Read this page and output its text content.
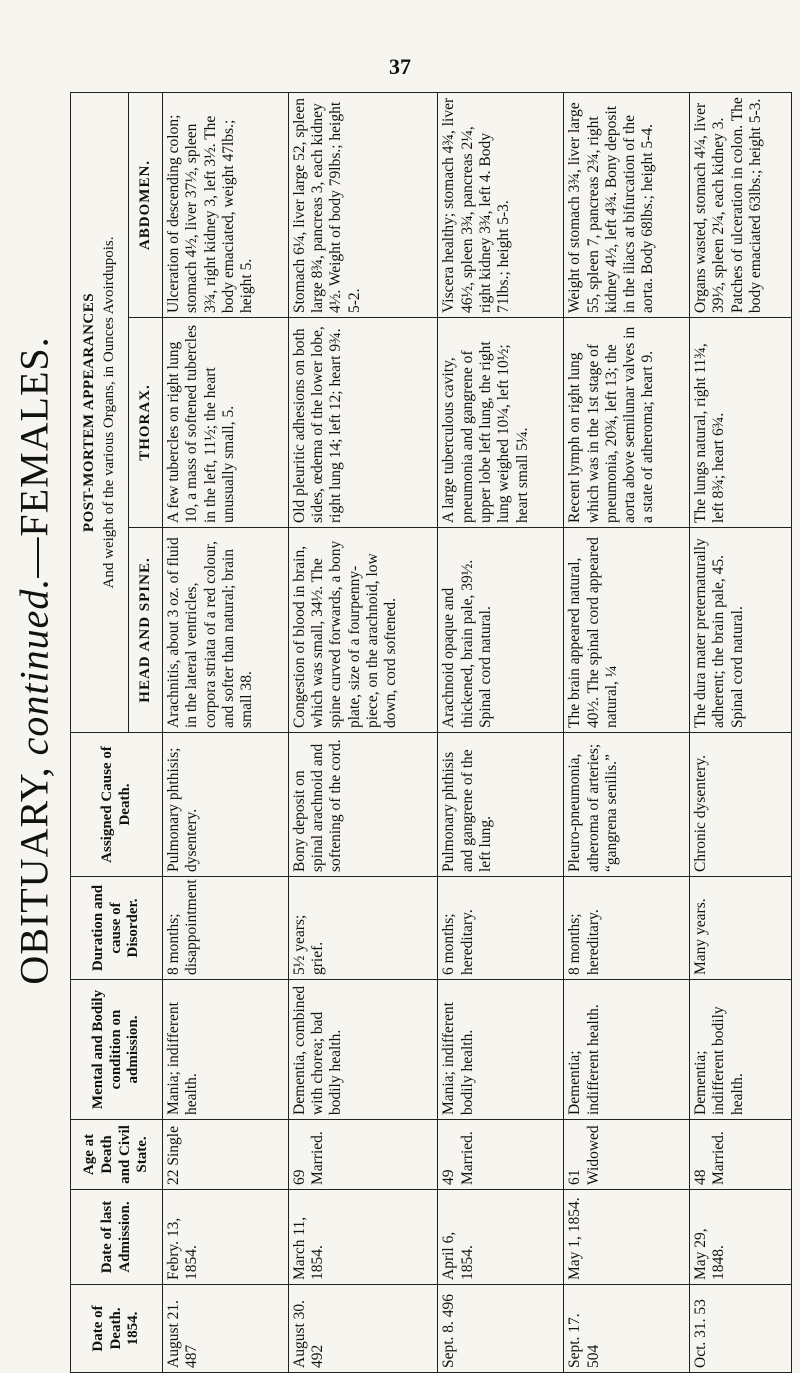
37
OBITUARY, continued.—FEMALES.
Date of Death. 1854.	Date of last Admission.	Age at Death and Civil State.	Mental and Bodily condition on admission.	Duration and cause of Disorder.	Assigned Cause of Death.	POST-MORTEM APPEARANCES And weight of the various Organs, in Ounces Avoirdupois.		

						HEAD AND SPINE.	THORAX.	ABDOMEN.
August 21. 487	Febry. 13, 1854.	22 Single	Mania; indifferent health.	8 months; disappointment	Pulmonary phthisis; dysentery.	Arachnitis, about 3 oz. of fluid in the lateral ventricles, corpora striata of a red colour, and softer than natural; brain small 38.	A few tubercles on right lung 10, a mass of softened tubercles in the left, 11½; the heart unusually small, 5.	Ulceration of descending colon; stomach 4½, liver 37½, spleen 3¾, right kidney 3, left 3½. The body emaciated, weight 47lbs.; height 5.
August 30. 492	March 11, 1854.	69 Married.	Dementia, combined with chorea; bad bodily health.	5½ years; grief.	Bony deposit on spinal arachnoid and softening of the cord.	Congestion of blood in brain, which was small, 34½. The spine curved forwards, a bony plate, size of a fourpenny-piece, on the arachnoid, low down, cord softened.	Old pleuritic adhesions on both sides, œdema of the lower lobe, right lung 14; left 12; heart 9¾.	Stomach 6¼, liver large 52, spleen large 8¾, pancreas 3, each kidney 4½. Weight of body 79lbs.; height 5-2.
Sept. 8. 496	April 6, 1854.	49 Married.	Mania; indifferent bodily health.	6 months; hereditary.	Pulmonary phthisis and gangrene of the left lung.	Arachnoid opaque and thickened, brain pale, 39½. Spinal cord natural.	A large tuberculous cavity, pneumonia and gangrene of upper lobe left lung, the right lung weighed 10¼, left 10½; heart small 5¼.	Viscera healthy; stomach 4¾, liver 46½, spleen 3¾, pancreas 2¼, right kidney 3¾, left 4. Body 71lbs.; height 5-3.
Sept. 17. 504	May 1, 1854.	61 Widowed	Dementia; indifferent health.	8 months; hereditary.	Pleuro-pneumonia, atheroma of arteries; “gangrena senilis.”	The brain appeared natural, 40½. The spinal cord appeared natural, ¼	Recent lymph on right lung which was in the 1st stage of pneumonia, 20¾, left 13; the aorta above semilunar valves in a state of atheroma; heart 9.	Weight of stomach 3¾, liver large 55, spleen 7, pancreas 2¾, right kidney 4½, left 4¾. Bony deposit in the iliacs at bifurcation of the aorta. Body 68lbs.; height 5-4.
Oct. 31. 53	May 29, 1848.	48 Married.	Dementia; indifferent bodily health.	Many years.	Chronic dysentery.	The dura mater preternaturally adherent; the brain pale, 45. Spinal cord natural.	The lungs natural, right 11¾, left 8¾; heart 6¾.	Organs wasted, stomach 4¼, liver 39½, spleen 2¼, each kidney 3. Patches of ulceration in colon. The body emaciated 63lbs.; height 5-3.
